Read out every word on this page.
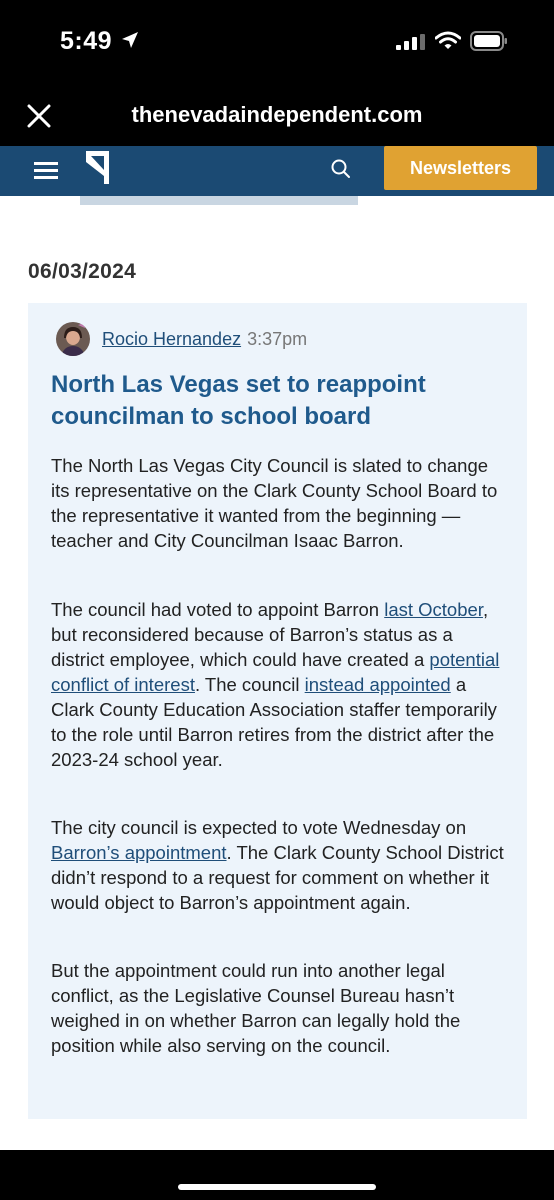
5:49
thenevadaindependent.com
Newsletters
06/03/2024
Rocio Hernandez 3:37pm
North Las Vegas set to reappoint councilman to school board

The North Las Vegas City Council is slated to change its representative on the Clark County School Board to the representative it wanted from the beginning — teacher and City Councilman Isaac Barron.

The council had voted to appoint Barron last October, but reconsidered because of Barron’s status as a district employee, which could have created a potential conflict of interest. The council instead appointed a Clark County Education Association staffer temporarily to the role until Barron retires from the district after the 2023-24 school year.

The city council is expected to vote Wednesday on Barron’s appointment. The Clark County School District didn’t respond to a request for comment on whether it would object to Barron’s appointment again.

But the appointment could run into another legal conflict, as the Legislative Counsel Bureau hasn’t weighed in on whether Barron can legally hold the position while also serving on the council.
